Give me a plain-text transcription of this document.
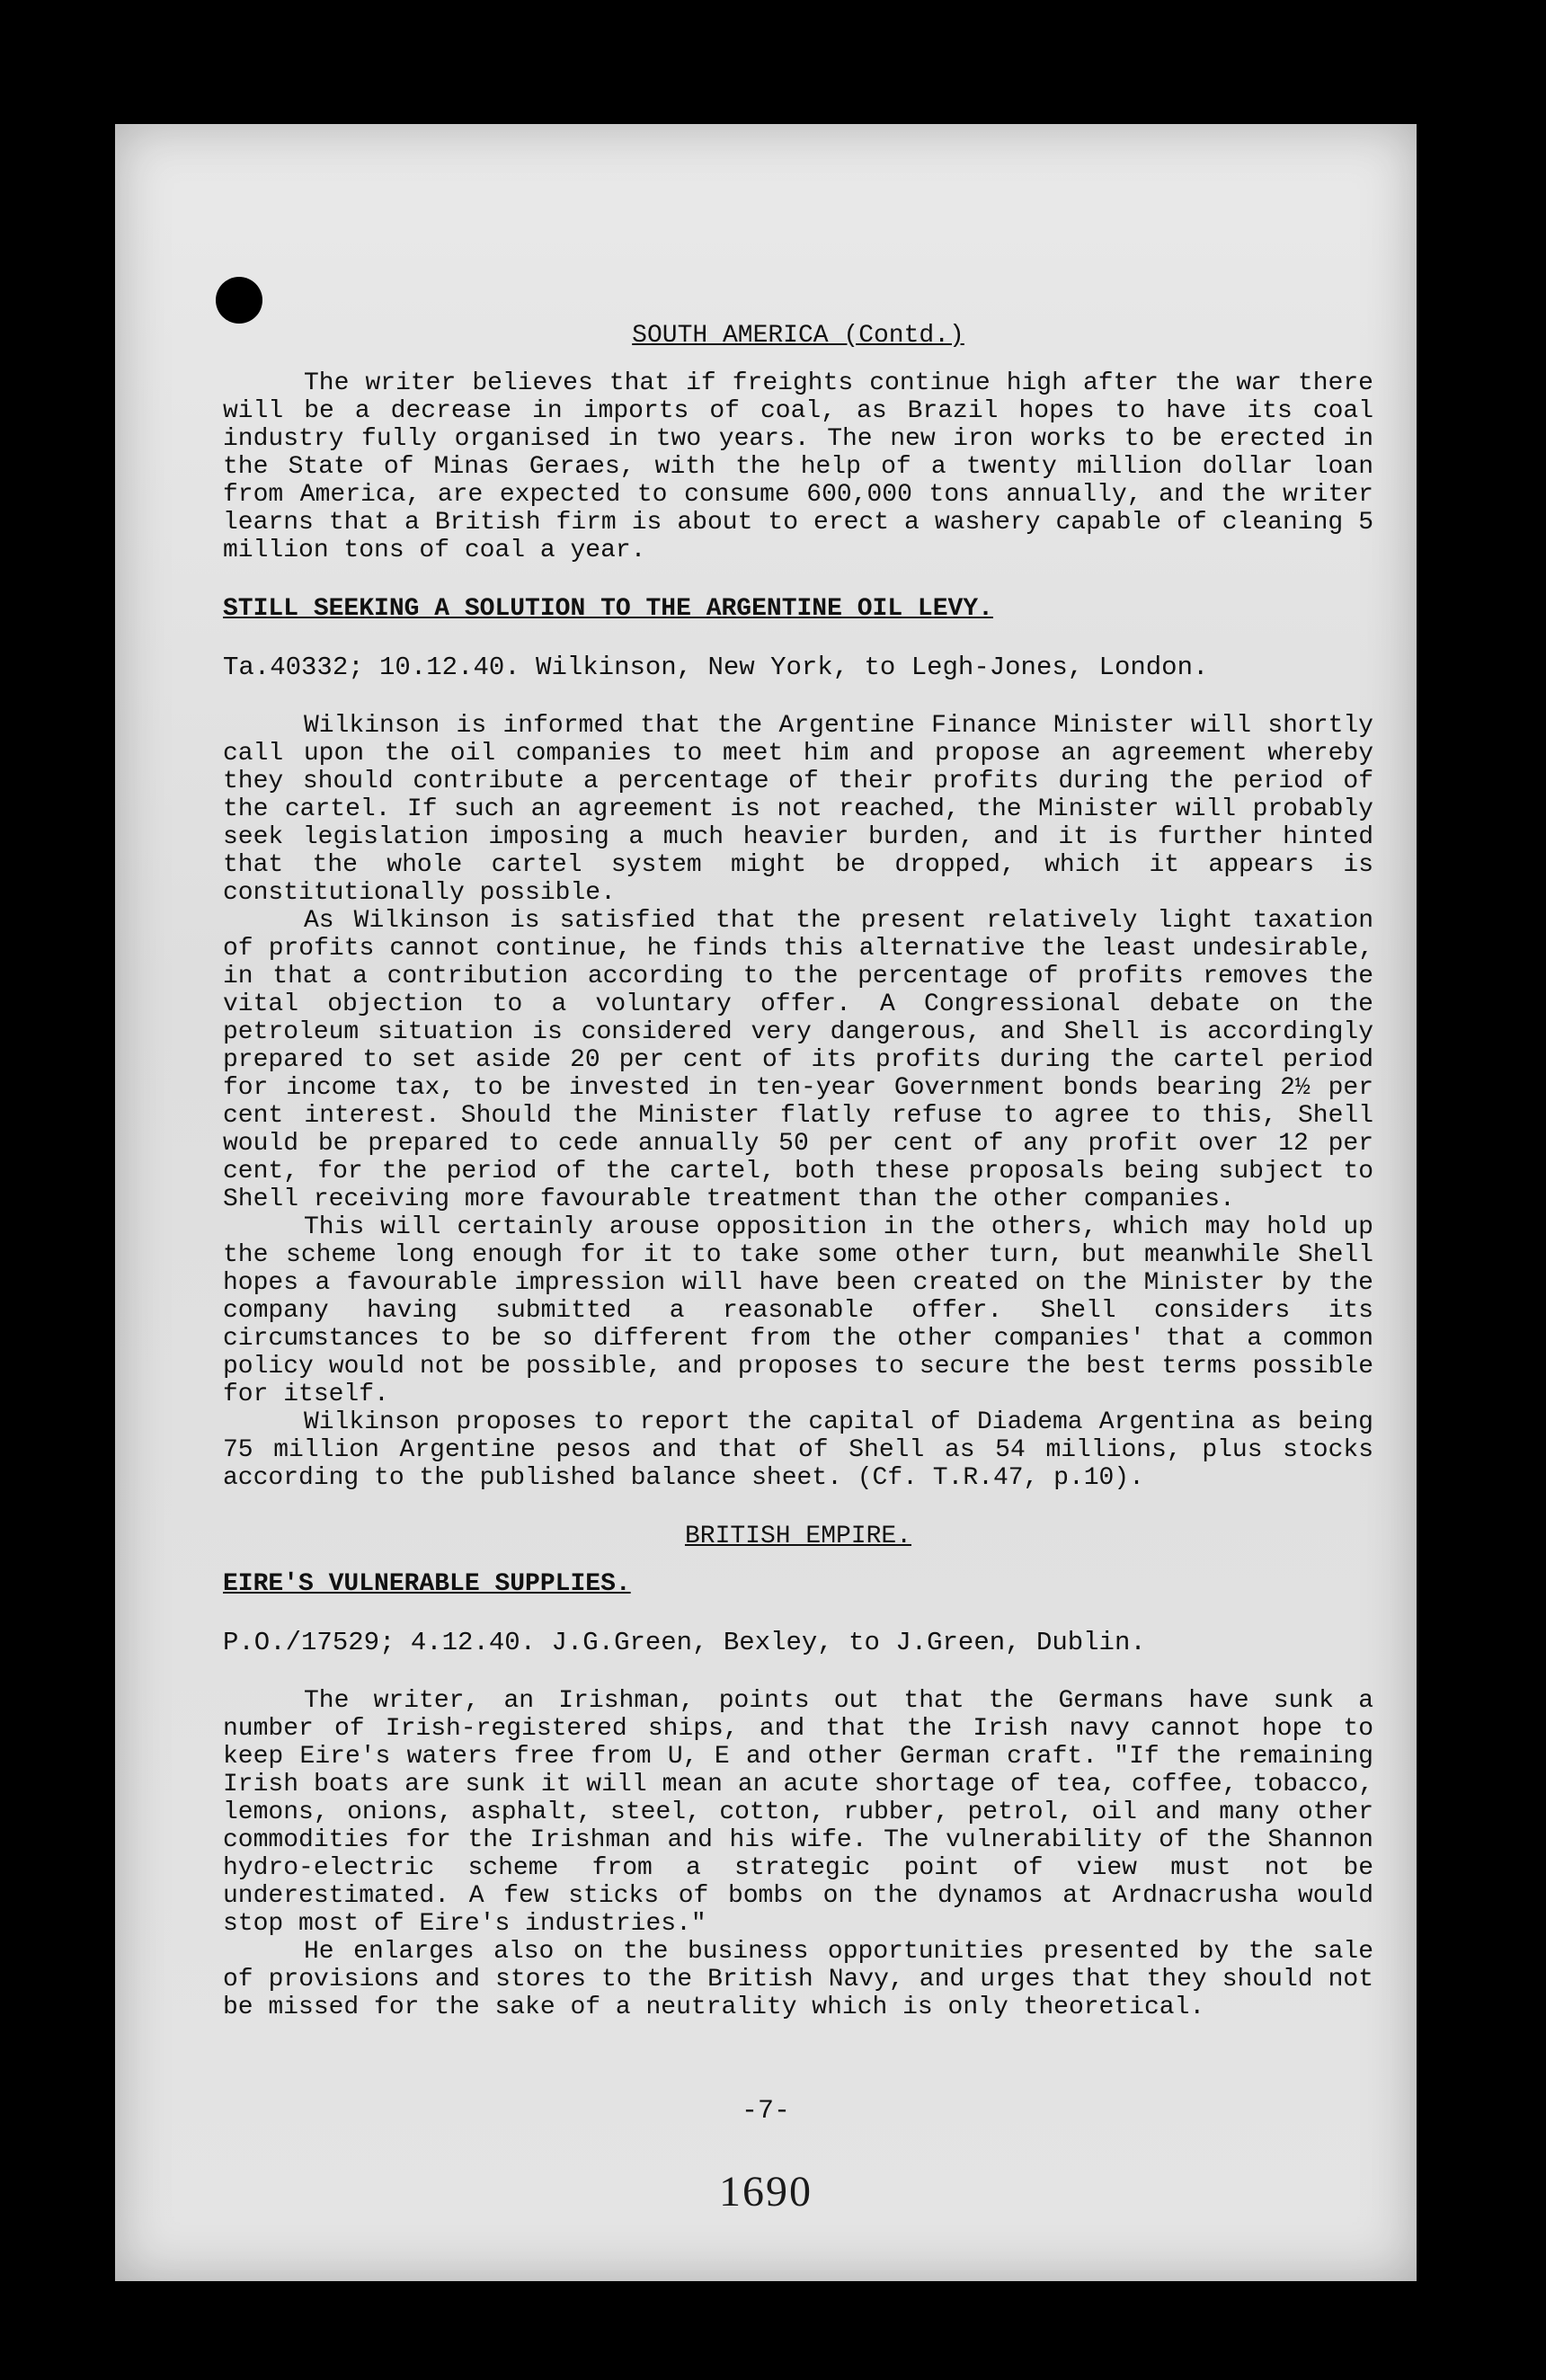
SOUTH AMERICA (Contd.)

The writer believes that if freights continue high after the war there will be a decrease in imports of coal, as Brazil hopes to have its coal industry fully organised in two years. The new iron works to be erected in the State of Minas Geraes, with the help of a twenty million dollar loan from America, are expected to consume 600,000 tons annually, and the writer learns that a British firm is about to erect a washery capable of cleaning 5 million tons of coal a year.

STILL SEEKING A SOLUTION TO THE ARGENTINE OIL LEVY.

Ta.40332; 10.12.40. Wilkinson, New York, to Legh-Jones, London.

Wilkinson is informed that the Argentine Finance Minister will shortly call upon the oil companies to meet him and propose an agreement whereby they should contribute a percentage of their profits during the period of the cartel. If such an agreement is not reached, the Minister will probably seek legislation imposing a much heavier burden, and it is further hinted that the whole cartel system might be dropped, which it appears is constitutionally possible.

As Wilkinson is satisfied that the present relatively light taxation of profits cannot continue, he finds this alternative the least undesirable, in that a contribution according to the percentage of profits removes the vital objection to a voluntary offer. A Congressional debate on the petroleum situation is considered very dangerous, and Shell is accordingly prepared to set aside 20 per cent of its profits during the cartel period for income tax, to be invested in ten-year Government bonds bearing 2½ per cent interest. Should the Minister flatly refuse to agree to this, Shell would be prepared to cede annually 50 per cent of any profit over 12 per cent, for the period of the cartel, both these proposals being subject to Shell receiving more favourable treatment than the other companies.

This will certainly arouse opposition in the others, which may hold up the scheme long enough for it to take some other turn, but meanwhile Shell hopes a favourable impression will have been created on the Minister by the company having submitted a reasonable offer. Shell considers its circumstances to be so different from the other companies' that a common policy would not be possible, and proposes to secure the best terms possible for itself.

Wilkinson proposes to report the capital of Diadema Argentina as being 75 million Argentine pesos and that of Shell as 54 millions, plus stocks according to the published balance sheet. (Cf. T.R.47, p.10).

BRITISH EMPIRE.

EIRE'S VULNERABLE SUPPLIES.

P.O./17529; 4.12.40. J.G.Green, Bexley, to J.Green, Dublin.

The writer, an Irishman, points out that the Germans have sunk a number of Irish-registered ships, and that the Irish navy cannot hope to keep Eire's waters free from U, E and other German craft. "If the remaining Irish boats are sunk it will mean an acute shortage of tea, coffee, tobacco, lemons, onions, asphalt, steel, cotton, rubber, petrol, oil and many other commodities for the Irishman and his wife. The vulnerability of the Shannon hydro-electric scheme from a strategic point of view must not be underestimated. A few sticks of bombs on the dynamos at Ardnacrusha would stop most of Eire's industries."

He enlarges also on the business opportunities presented by the sale of provisions and stores to the British Navy, and urges that they should not be missed for the sake of a neutrality which is only theoretical.

-7-
1690
